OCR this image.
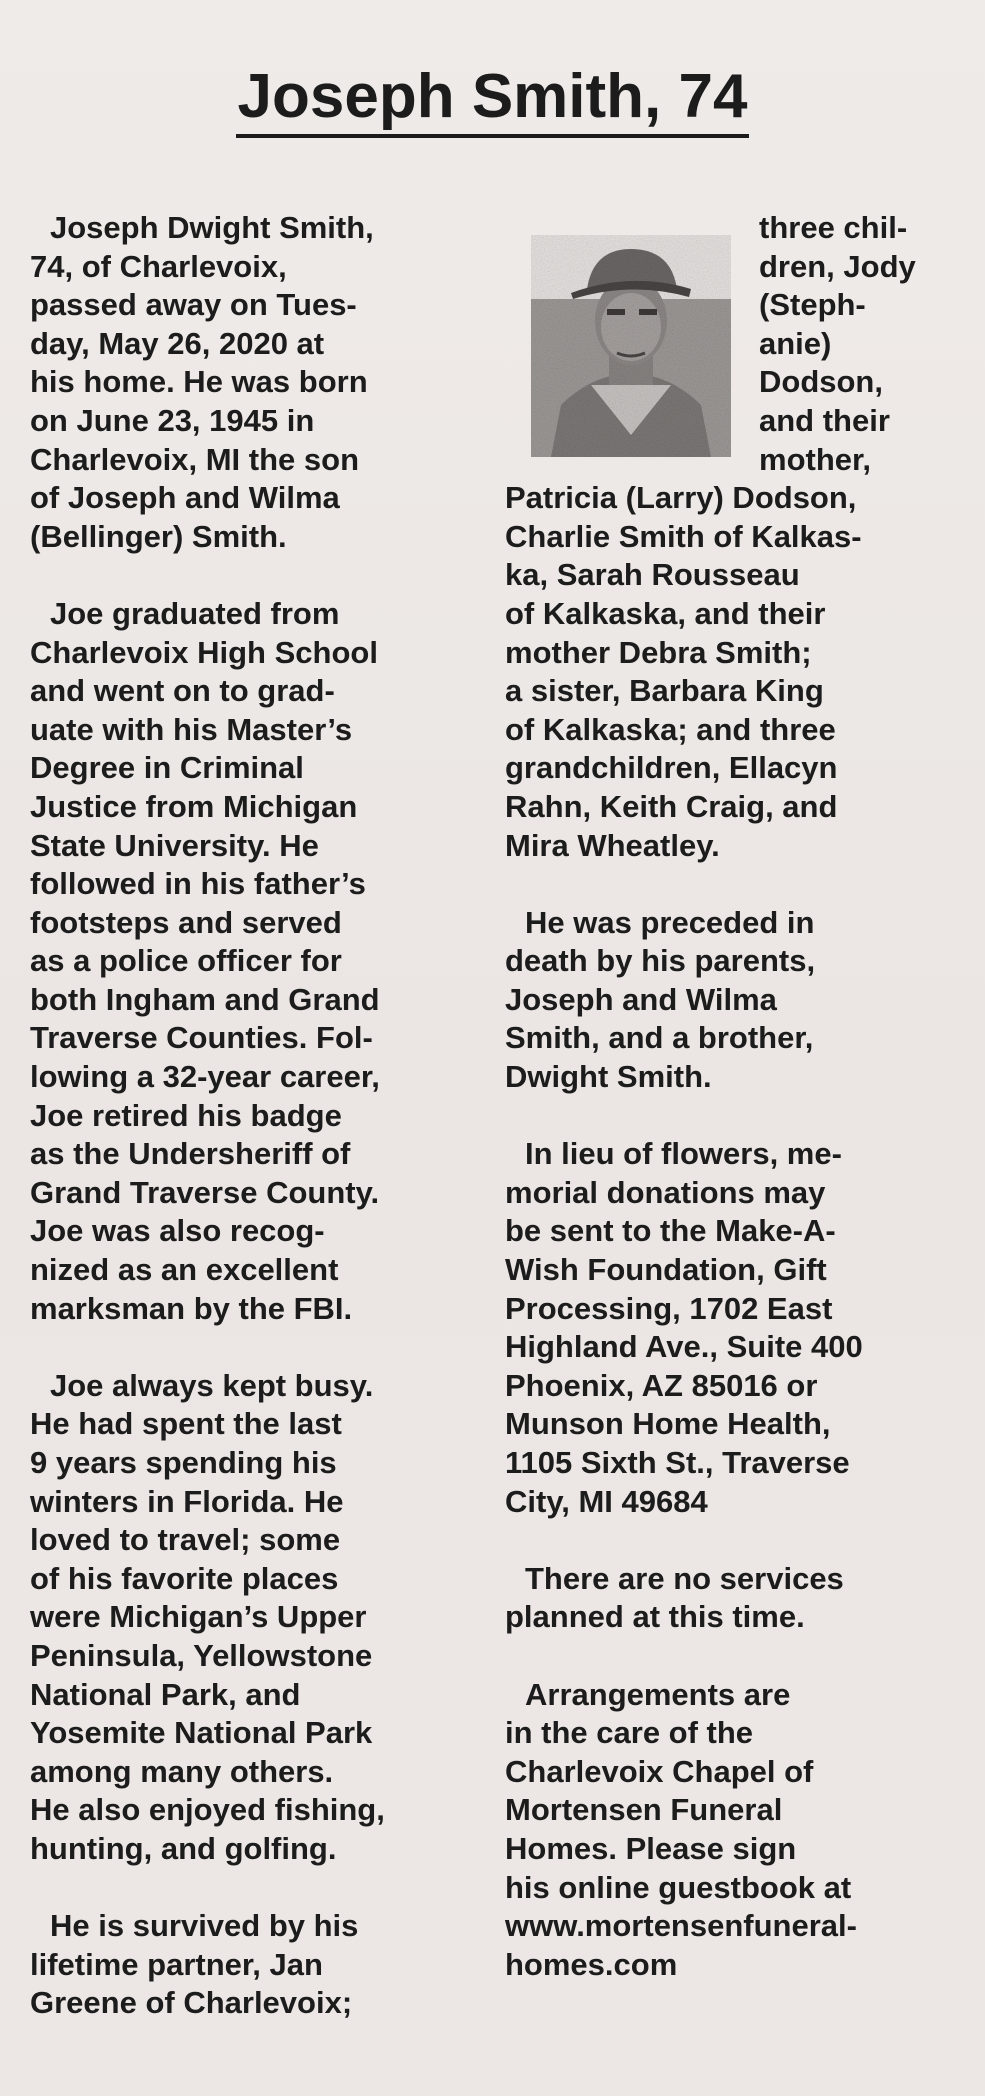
Joseph Smith, 74
Joseph Dwight Smith,
74, of Charlevoix,
passed away on Tues-
day, May 26, 2020 at
his home. He was born
on June 23, 1945 in
Charlevoix, MI the son
of Joseph and Wilma
(Bellinger) Smith.
Joe graduated from
Charlevoix High School
and went on to grad-
uate with his Master’s
Degree in Criminal
Justice from Michigan
State University. He
followed in his father’s
footsteps and served
as a police officer for
both Ingham and Grand
Traverse Counties. Fol-
lowing a 32-year career,
Joe retired his badge
as the Undersheriff of
Grand Traverse County.
Joe was also recog-
nized as an excellent
marksman by the FBI.
Joe always kept busy.
He had spent the last
9 years spending his
winters in Florida. He
loved to travel; some
of his favorite places
were Michigan’s Upper
Peninsula, Yellowstone
National Park, and
Yosemite National Park
among many others.
He also enjoyed fishing,
hunting, and golfing.
He is survived by his
lifetime partner, Jan
Greene of Charlevoix;
three chil-
dren, Jody
(Steph-
anie)
Dodson,
and their
mother,
Patricia (Larry) Dodson,
Charlie Smith of Kalkas-
ka, Sarah Rousseau
of Kalkaska, and their
mother Debra Smith;
a sister, Barbara King
of Kalkaska; and three
grandchildren, Ellacyn
Rahn, Keith Craig, and
Mira Wheatley.
He was preceded in
death by his parents,
Joseph and Wilma
Smith, and a brother,
Dwight Smith.
In lieu of flowers, me-
morial donations may
be sent to the Make-A-
Wish Foundation, Gift
Processing, 1702 East
Highland Ave., Suite 400
Phoenix, AZ 85016 or
Munson Home Health,
1105 Sixth St., Traverse
City, MI 49684
There are no services
planned at this time.
Arrangements are
in the care of the
Charlevoix Chapel of
Mortensen Funeral
Homes. Please sign
his online guestbook at
www.mortensenfuneral-
homes.com
